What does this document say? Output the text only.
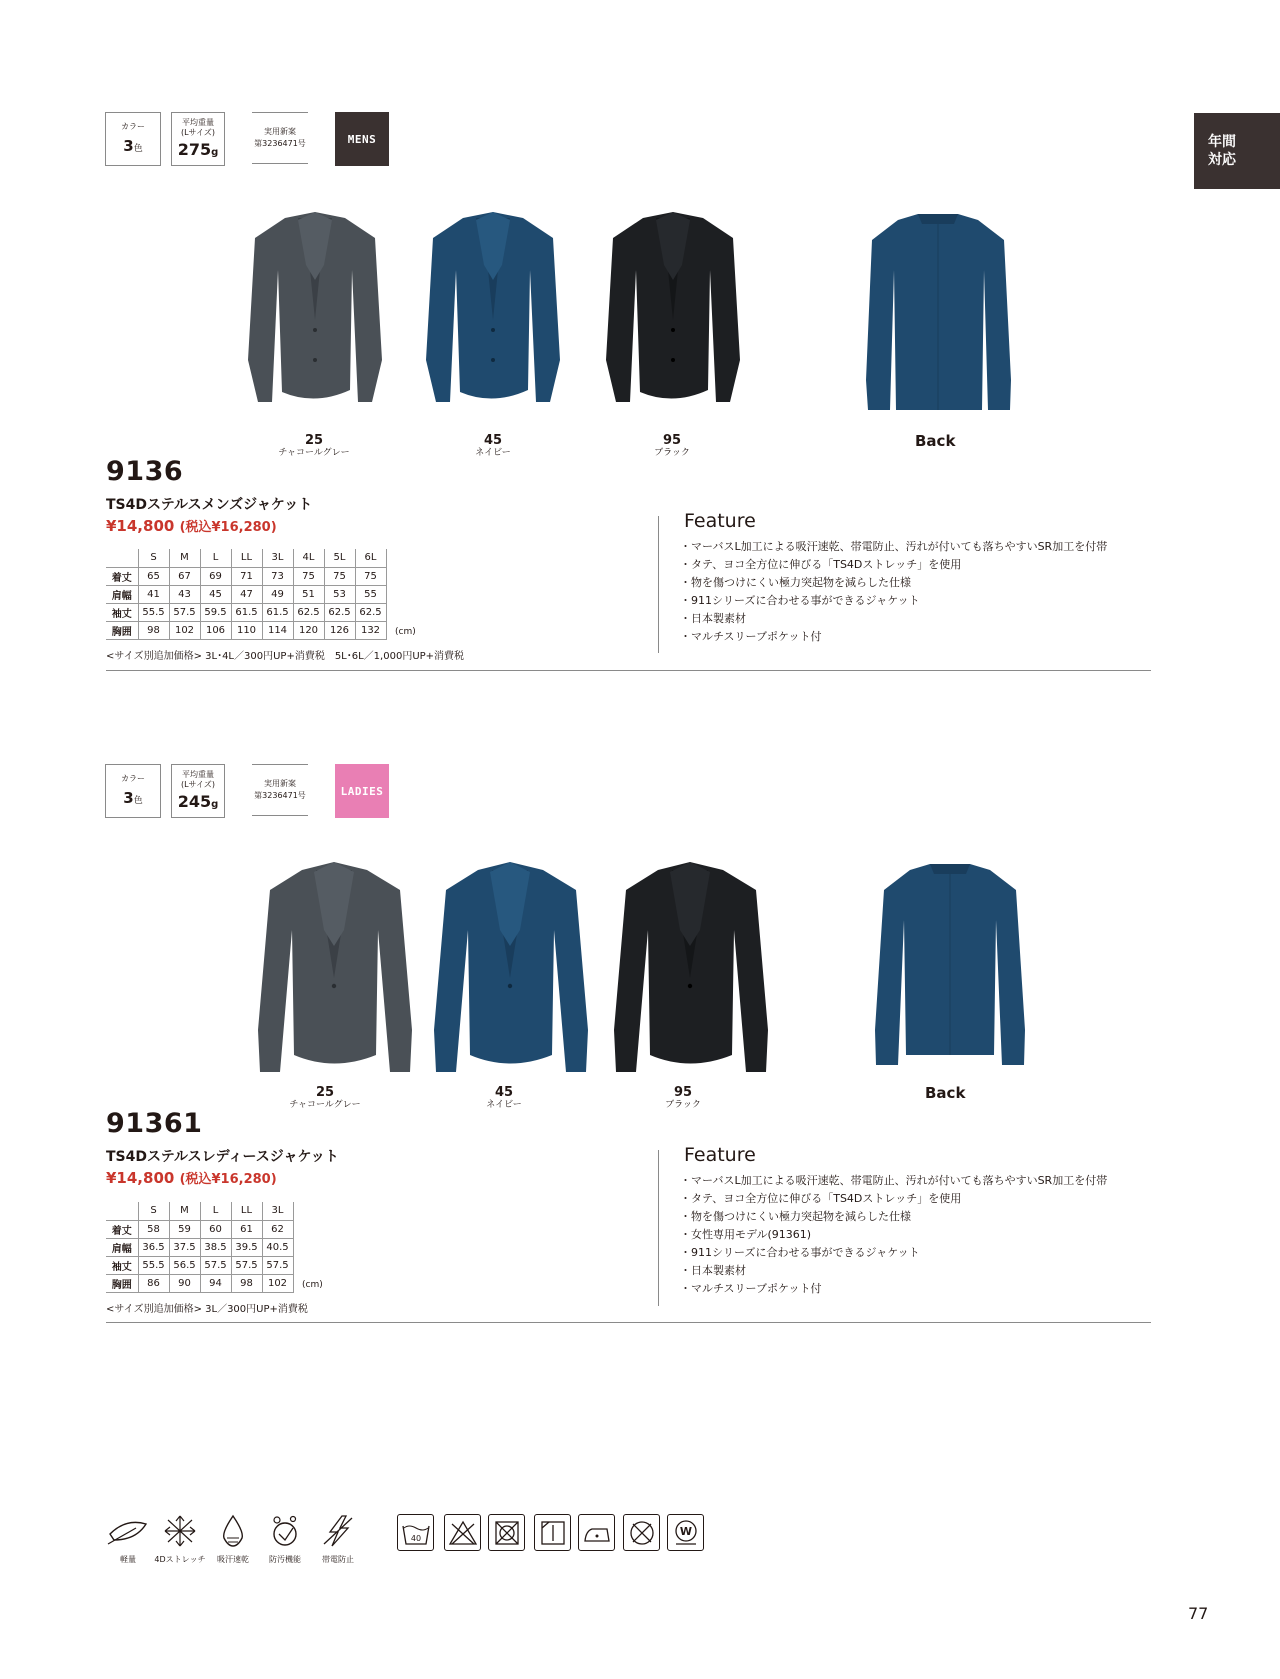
年間
対応
カラー
3色
平均重量
(Lサイズ)
275g
実用新案
第3236471号	MENS
25
チャコールグレー
45
ネイビー
95
ブラック
Back
9136
TS4Dステルスメンズジャケット
¥14,800 (税込¥16,280)
	S	M	L	LL	3L	4L	5L	6L
着丈	65	67	69	71	73	75	75	75
肩幅	41	43	45	47	49	51	53	55
袖丈	55.5	57.5	59.5	61.5	61.5	62.5	62.5	62.5
胸囲	98	102	106	110	114	120	126	132 (cm)
<サイズ別追加価格> 3L･4L／300円UP+消費税　5L･6L／1,000円UP+消費税
Feature
・マーバスL加工による吸汗速乾、帯電防止、汚れが付いても落ちやすいSR加工を付帯
・タテ、ヨコ全方位に伸びる「TS4Dストレッチ」を使用
・物を傷つけにくい極力突起物を減らした仕様
・911シリーズに合わせる事ができるジャケット
・日本製素材
・マルチスリーブポケット付
カラー
3色
平均重量
(Lサイズ)
245g
実用新案
第3236471号	LADIES
25
チャコールグレー
45
ネイビー
95
ブラック
Back
91361
TS4Dステルスレディースジャケット
¥14,800 (税込¥16,280)
	S	M	L	LL	3L
着丈	58	59	60	61	62
肩幅	36.5	37.5	38.5	39.5	40.5
袖丈	55.5	56.5	57.5	57.5	57.5
胸囲	86	90	94	98	102 (cm)
<サイズ別追加価格> 3L／300円UP+消費税
Feature
・マーバスL加工による吸汗速乾、帯電防止、汚れが付いても落ちやすいSR加工を付帯
・タテ、ヨコ全方位に伸びる「TS4Dストレッチ」を使用
・物を傷つけにくい極力突起物を減らした仕様
・女性専用モデル(91361)
・911シリーズに合わせる事ができるジャケット
・日本製素材
・マルチスリーブポケット付
軽量	4Dストレッチ	吸汗速乾	防汚機能	帯電防止
40
W
77
